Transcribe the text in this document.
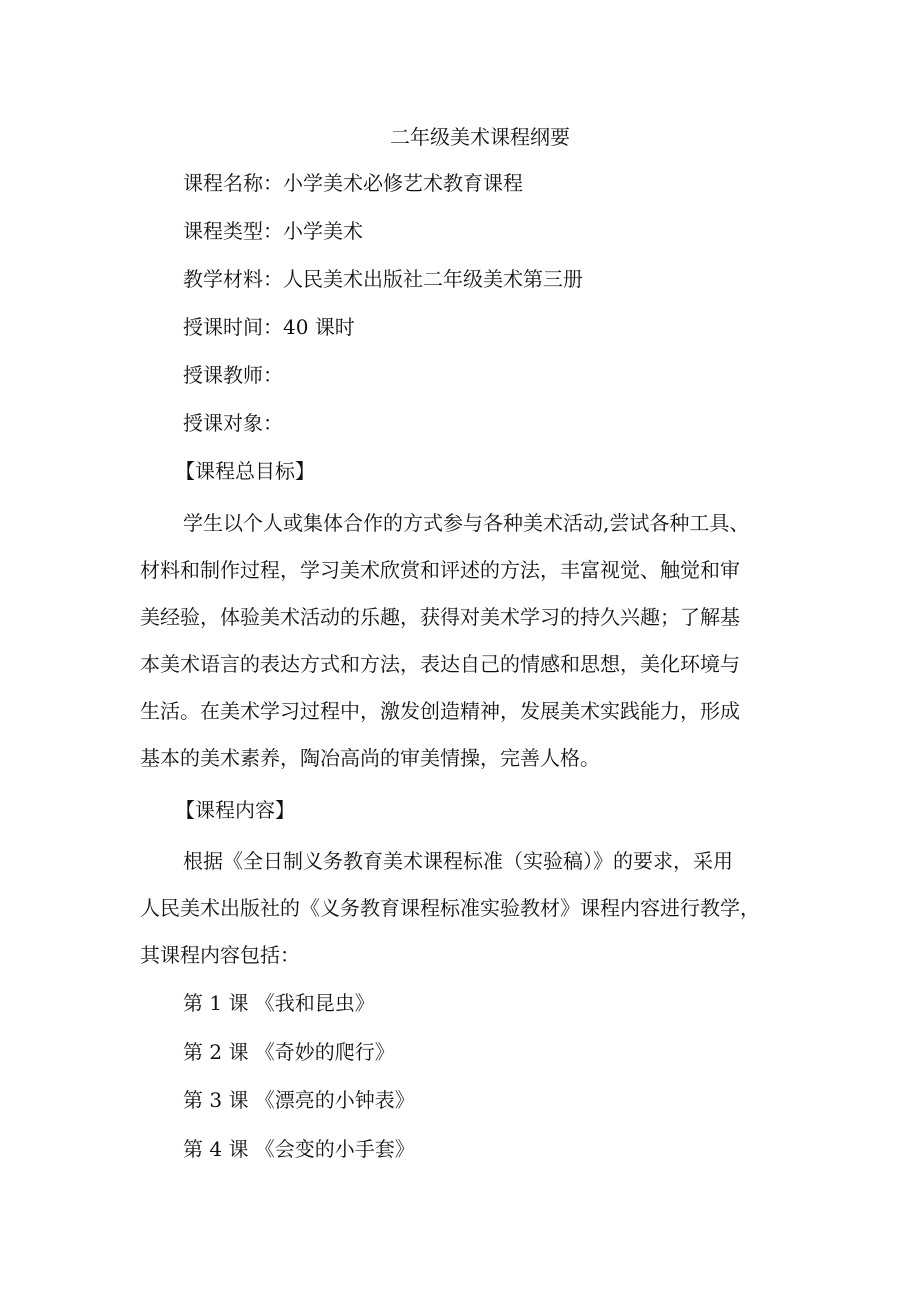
二年级美术课程纲要
课程名称：小学美术必修艺术教育课程
课程类型：小学美术
教学材料：人民美术出版社二年级美术第三册
授课时间：40 课时
授课教师：
授课对象：
【课程总目标】
学生以个人或集体合作的方式参与各种美术活动,尝试各种工具、
材料和制作过程，学习美术欣赏和评述的方法，丰富视觉、触觉和审
美经验，体验美术活动的乐趣，获得对美术学习的持久兴趣；了解基
本美术语言的表达方式和方法，表达自己的情感和思想，美化环境与
生活。在美术学习过程中，激发创造精神，发展美术实践能力，形成
基本的美术素养，陶冶高尚的审美情操，完善人格。
【课程内容】
根据《全日制义务教育美术课程标准（实验稿）》的要求，采用
人民美术出版社的《义务教育课程标准实验教材》课程内容进行教学，
其课程内容包括：
第 1 课 《我和昆虫》
第 2 课 《奇妙的爬行》
第 3 课 《漂亮的小钟表》
第 4 课 《会变的小手套》
